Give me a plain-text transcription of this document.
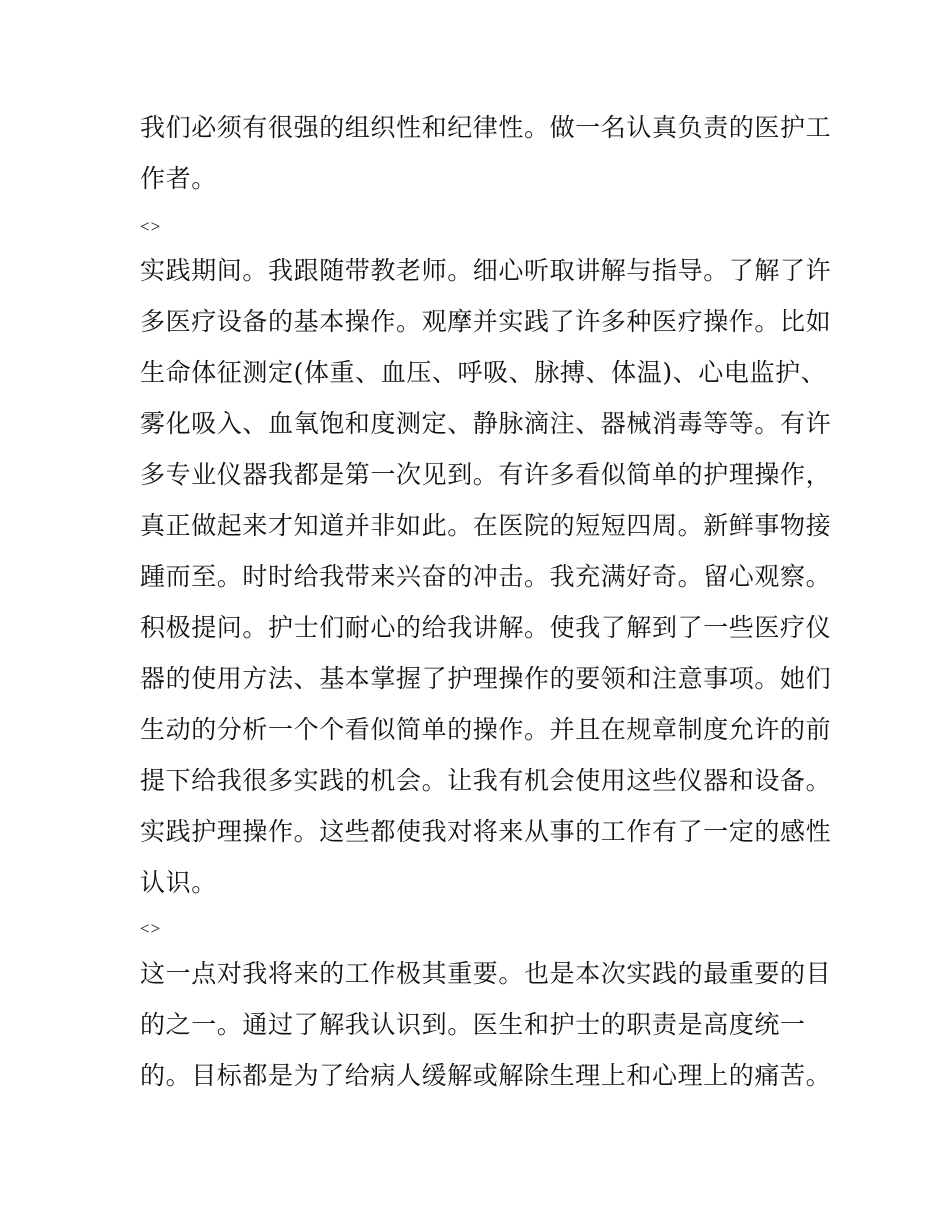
我们必须有很强的组织性和纪律性。做一名认真负责的医护工
作者。
<>
实践期间。我跟随带教老师。细心听取讲解与指导。了解了许
多医疗设备的基本操作。观摩并实践了许多种医疗操作。比如
生命体征测定(体重、血压、呼吸、脉搏、体温)、心电监护、
雾化吸入、血氧饱和度测定、静脉滴注、器械消毒等等。有许
多专业仪器我都是第一次见到。有许多看似简单的护理操作，
真正做起来才知道并非如此。在医院的短短四周。新鲜事物接
踵而至。时时给我带来兴奋的冲击。我充满好奇。留心观察。
积极提问。护士们耐心的给我讲解。使我了解到了一些医疗仪
器的使用方法、基本掌握了护理操作的要领和注意事项。她们
生动的分析一个个看似简单的操作。并且在规章制度允许的前
提下给我很多实践的机会。让我有机会使用这些仪器和设备。
实践护理操作。这些都使我对将来从事的工作有了一定的感性
认识。
<>
这一点对我将来的工作极其重要。也是本次实践的最重要的目
的之一。通过了解我认识到。医生和护士的职责是高度统一
的。目标都是为了给病人缓解或解除生理上和心理上的痛苦。
